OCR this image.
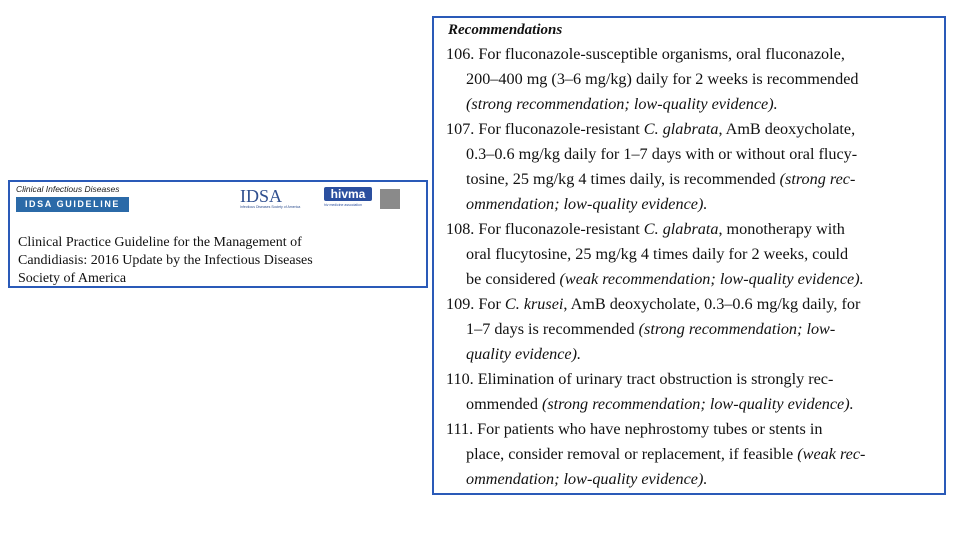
Clinical Infectious Diseases
IDSA GUIDELINE	IDSA
Infectious Diseases Society of America
hivma
hiv medicine association
Clinical Practice Guideline for the Management of
Candidiasis: 2016 Update by the Infectious Diseases
Society of America
Recommendations
106. For fluconazole-susceptible organisms, oral fluconazole,
200–400 mg (3–6 mg/kg) daily for 2 weeks is recommended
(strong recommendation; low-quality evidence).
107. For fluconazole-resistant C. glabrata, AmB deoxycholate,
0.3–0.6 mg/kg daily for 1–7 days with or without oral flucy-
tosine, 25 mg/kg 4 times daily, is recommended (strong rec-
ommendation; low-quality evidence).
108. For fluconazole-resistant C. glabrata, monotherapy with
oral flucytosine, 25 mg/kg 4 times daily for 2 weeks, could
be considered (weak recommendation; low-quality evidence).
109. For C. krusei, AmB deoxycholate, 0.3–0.6 mg/kg daily, for
1–7 days is recommended (strong recommendation; low-
quality evidence).
110. Elimination of urinary tract obstruction is strongly rec-
ommended (strong recommendation; low-quality evidence).
111. For patients who have nephrostomy tubes or stents in
place, consider removal or replacement, if feasible (weak rec-
ommendation; low-quality evidence).
